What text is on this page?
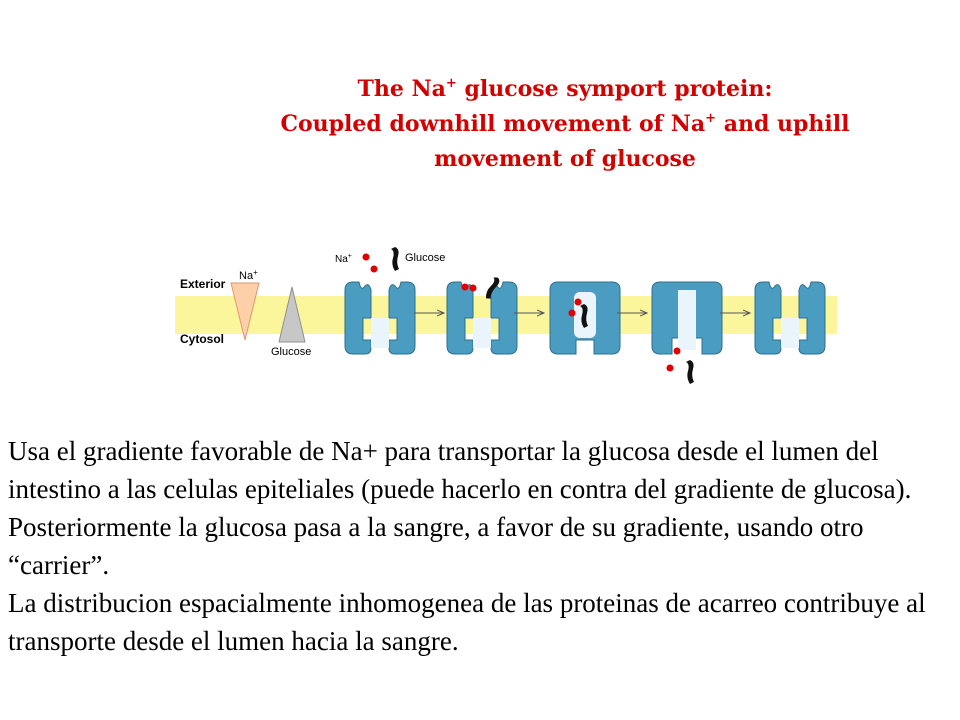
The Na+ glucose symport protein:
Coupled downhill movement of Na+ and uphill
movement of glucose
Exterior
Cytosol
Na+
Glucose
Na+	Glucose

Usa el gradiente favorable de Na+ para transportar la glucosa desde el lumen del intestino a las celulas epiteliales (puede hacerlo en contra del gradiente de glucosa).

Posteriormente la glucosa pasa a la sangre, a favor de su gradiente, usando otro “carrier”.

La distribucion espacialmente inhomogenea de las proteinas de acarreo contribuye al transporte desde el lumen hacia la sangre.
